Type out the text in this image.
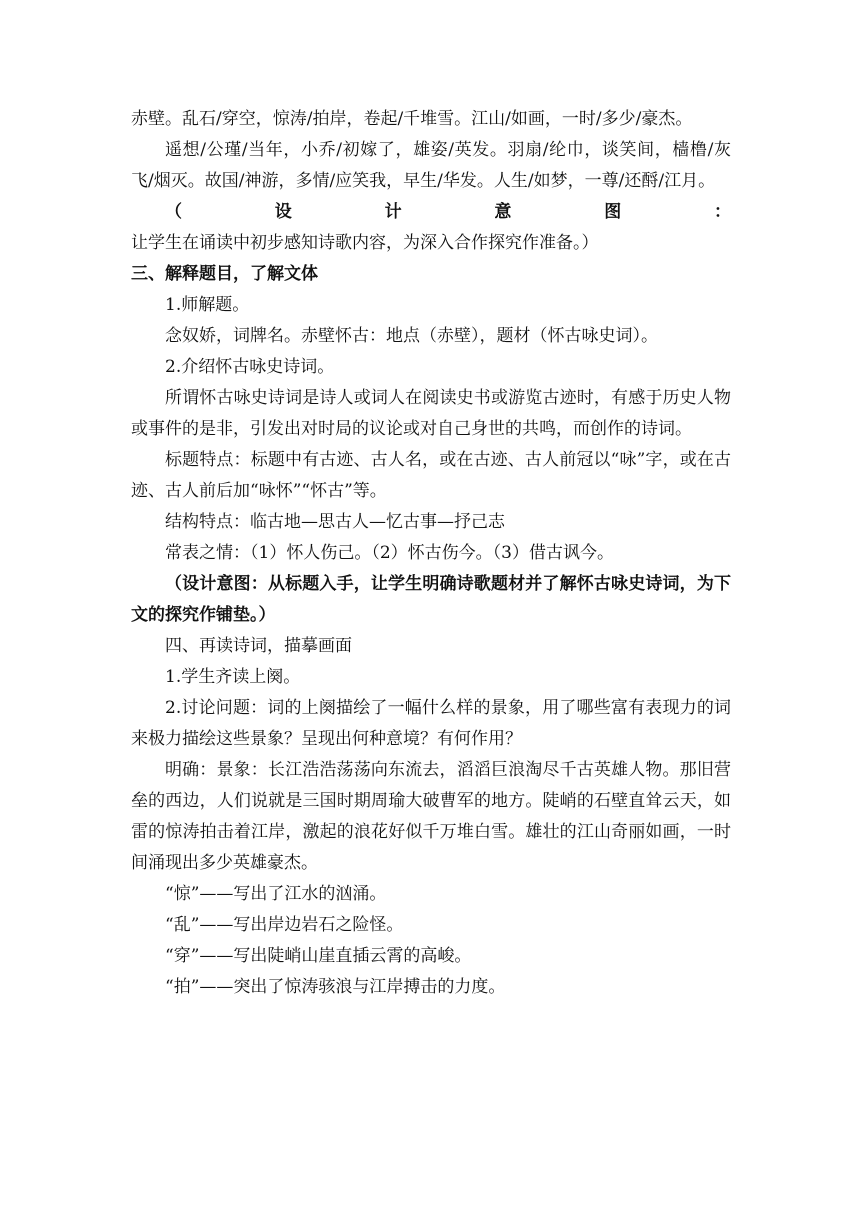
赤壁。乱石/穿空，惊涛/拍岸，卷起/千堆雪。江山/如画，一时/多少/豪杰。

遥想/公瑾/当年，小乔/初嫁了，雄姿/英发。羽扇/纶巾，谈笑间，樯橹/灰飞/烟灭。故国/神游，多情/应笑我，早生/华发。人生/如梦，一尊/还酹/江月。

（设计意图：让学生在诵读中初步感知诗歌内容，为深入合作探究作准备。）

三、解释题目，了解文体

1.师解题。

念奴娇，词牌名。赤壁怀古：地点（赤壁），题材（怀古咏史词）。

2.介绍怀古咏史诗词。

所谓怀古咏史诗词是诗人或词人在阅读史书或游览古迹时，有感于历史人物或事件的是非，引发出对时局的议论或对自己身世的共鸣，而创作的诗词。

标题特点：标题中有古迹、古人名，或在古迹、古人前冠以“咏”字，或在古迹、古人前后加“咏怀”“怀古”等。

结构特点：临古地—思古人—忆古事—抒己志

常表之情：（1）怀人伤己。（2）怀古伤今。（3）借古讽今。

（设计意图：从标题入手，让学生明确诗歌题材并了解怀古咏史诗词，为下文的探究作铺垫。）

四、再读诗词，描摹画面

1.学生齐读上阕。

2.讨论问题：词的上阕描绘了一幅什么样的景象，用了哪些富有表现力的词来极力描绘这些景象？呈现出何种意境？有何作用？

明确：景象：长江浩浩荡荡向东流去，滔滔巨浪淘尽千古英雄人物。那旧营垒的西边，人们说就是三国时期周瑜大破曹军的地方。陡峭的石壁直耸云天，如雷的惊涛拍击着江岸，激起的浪花好似千万堆白雪。雄壮的江山奇丽如画，一时间涌现出多少英雄豪杰。

“惊”——写出了江水的汹涌。

“乱”——写出岸边岩石之险怪。

“穿”——写出陡峭山崖直插云霄的高峻。

“拍”——突出了惊涛骇浪与江岸搏击的力度。
